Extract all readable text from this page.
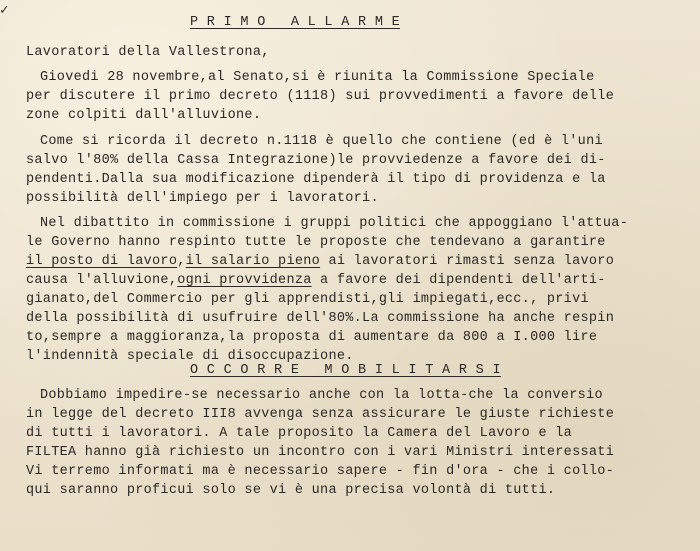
✓
P R I M O   A L L A R M E
Lavoratori della Vallestrona,
Giovedi 28 novembre,al Senato,si è riunita la Commissione Speciale
per discutere il primo decreto (1118) sui provvedimenti a favore delle
zone colpiti dall'alluvione.
Come si ricorda il decreto n.1118 è quello che contiene (ed è l'uni
salvo l'80% della Cassa Integrazione)le provviedenze a favore dei di-
pendenti.Dalla sua modificazione dipenderà il tipo di providenza e la
possibilità dell'impiego per i lavoratori.
Nel dibattito in commissione i gruppi politici che appoggiano l'attua-
le Governo hanno respinto tutte le proposte che tendevano a garantire
il posto di lavoro,il salario pieno ai lavoratori rimasti senza lavoro
causa l'alluvione,ogni provvidenza a favore dei dipendenti dell'arti-
gianato,del Commercio per gli apprendisti,gli impiegati,ecc., privi
della possibilità di usufruire dell'80%.La commissione ha anche respin
to,sempre a maggioranza,la proposta di aumentare da 800 a I.000 lire
l'indennità speciale di disoccupazione.
O C C O R R E   M O B I L I T A R S I
Dobbiamo impedire-se necessario anche con la lotta-che la conversio
in legge del decreto III8 avvenga senza assicurare le giuste richieste
di tutti i lavoratori. A tale proposito la Camera del Lavoro e la
FILTEA hanno già richiesto un incontro con i vari Ministri interessati
Vi terremo informati ma è necessario sapere - fin d'ora - che i collo-
qui saranno proficui solo se vi è una precisa volontà di tutti.
